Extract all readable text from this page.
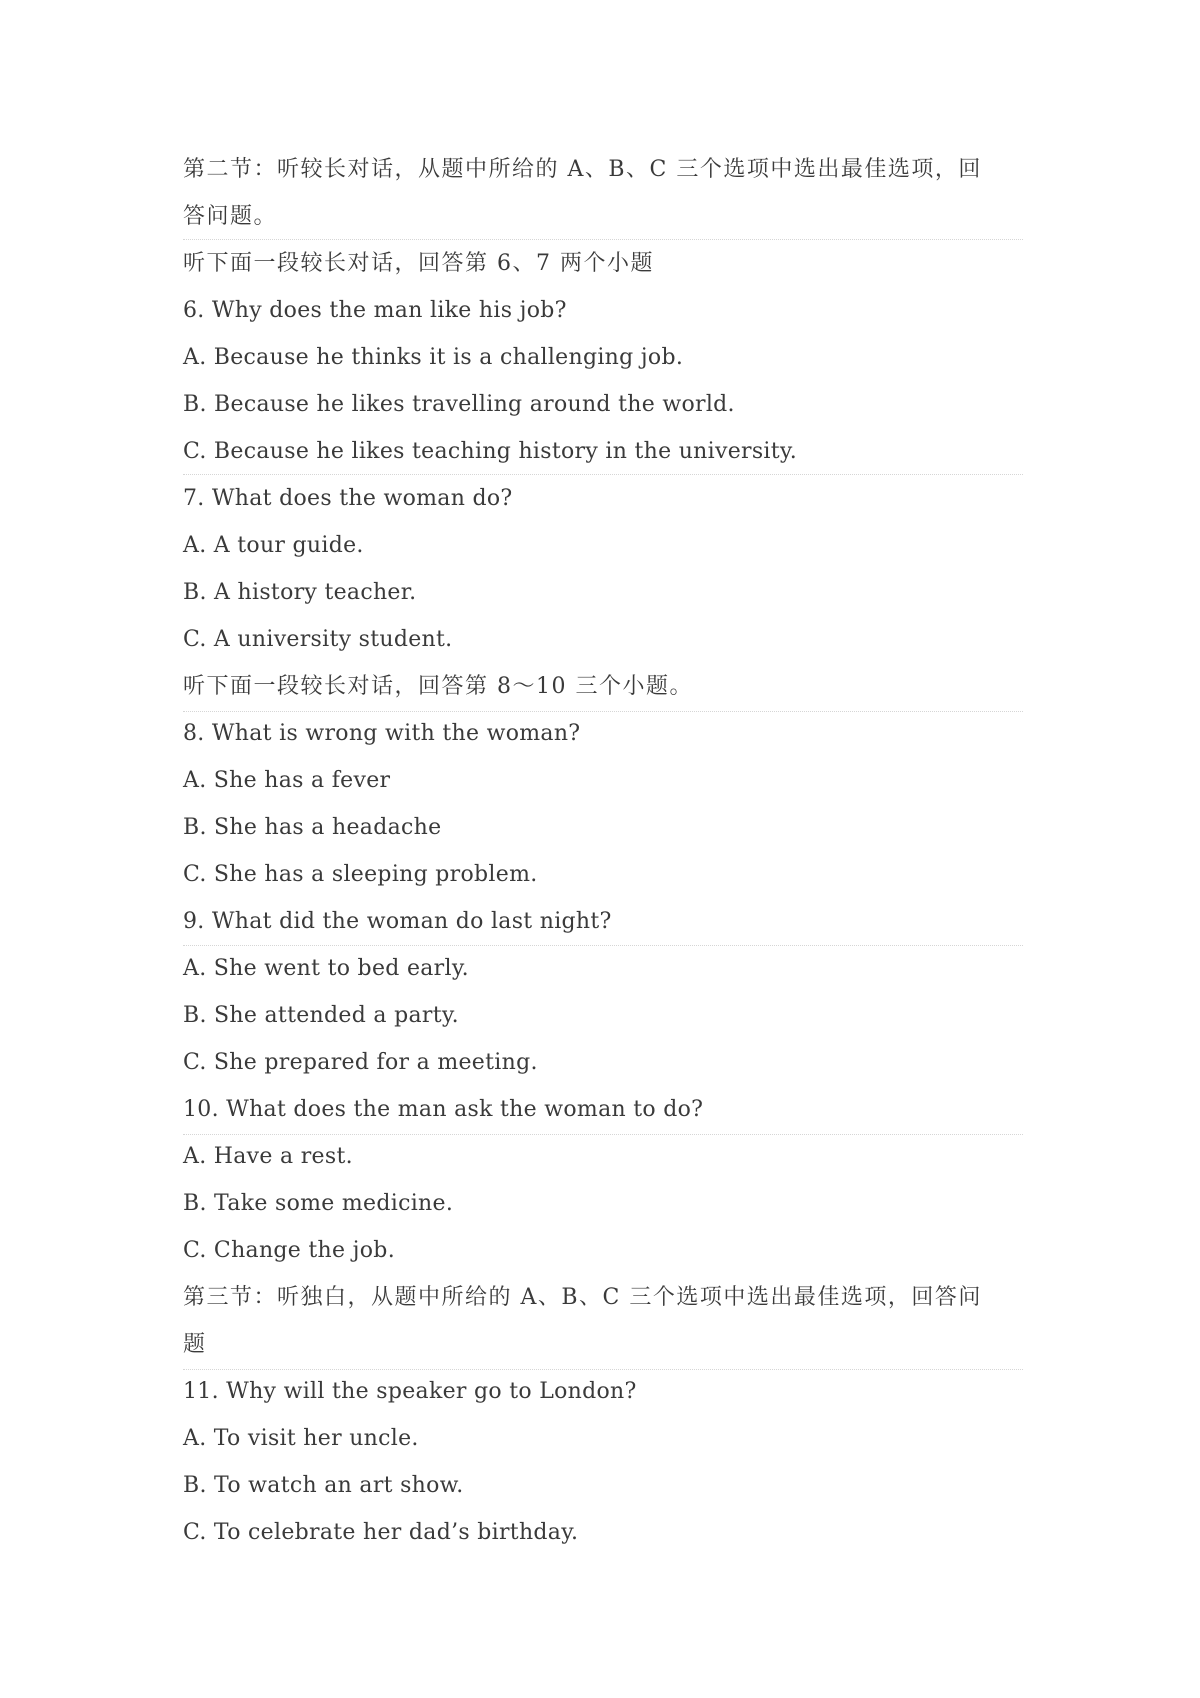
第二节：听较长对话，从题中所给的 A、B、C 三个选项中选出最佳选项，回
答问题。
听下面一段较长对话，回答第 6、7 两个小题
6. Why does the man like his job?
A. Because he thinks it is a challenging job.
B. Because he likes travelling around the world.
C. Because he likes teaching history in the university.
7. What does the woman do?
A. A tour guide.
B. A history teacher.
C. A university student.
听下面一段较长对话，回答第 8～10 三个小题。
8. What is wrong with the woman?
A. She has a fever
B. She has a headache
C. She has a sleeping problem.
9. What did the woman do last night?
A. She went to bed early.
B. She attended a party.
C. She prepared for a meeting.
10. What does the man ask the woman to do?
A. Have a rest.
B. Take some medicine.
C. Change the job.
第三节：听独白，从题中所给的 A、B、C 三个选项中选出最佳选项，回答问
题
11. Why will the speaker go to London?
A. To visit her uncle.
B. To watch an art show.
C. To celebrate her dad’s birthday.
